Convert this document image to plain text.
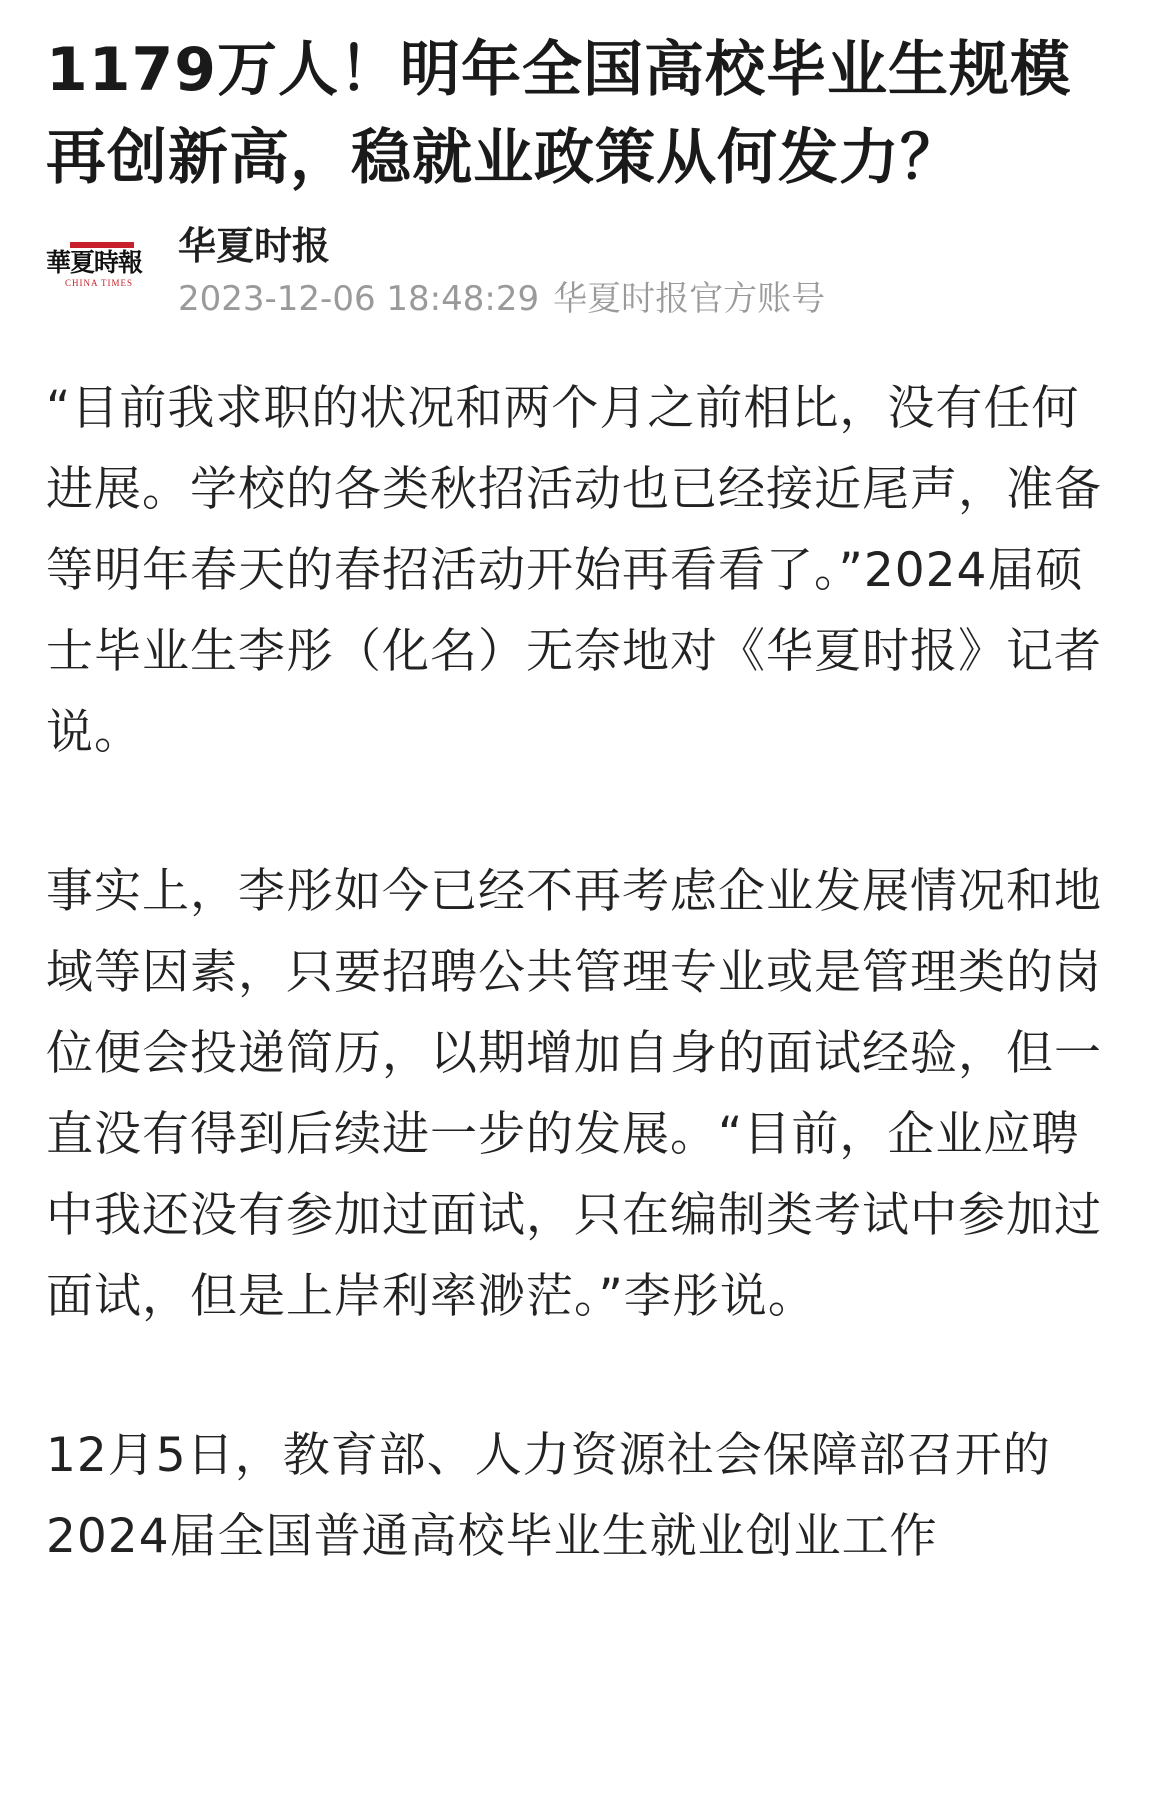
1179万人！明年全国高校毕业生规模再创新高，稳就业政策从何发力？
華夏時報
CHINA TIMES
华夏时报
2023-12-06 18:48:29 华夏时报官方账号

“目前我求职的状况和两个月之前相比，没有任何进展。学校的各类秋招活动也已经接近尾声，准备等明年春天的春招活动开始再看看了。”2024届硕士毕业生李彤（化名）无奈地对《华夏时报》记者说。

事实上，李彤如今已经不再考虑企业发展情况和地域等因素，只要招聘公共管理专业或是管理类的岗位便会投递简历，以期增加自身的面试经验，但一直没有得到后续进一步的发展。“目前，企业应聘中我还没有参加过面试，只在编制类考试中参加过面试，但是上岸利率渺茫。”李彤说。

12月5日，教育部、人力资源社会保障部召开的2024届全国普通高校毕业生就业创业工作
